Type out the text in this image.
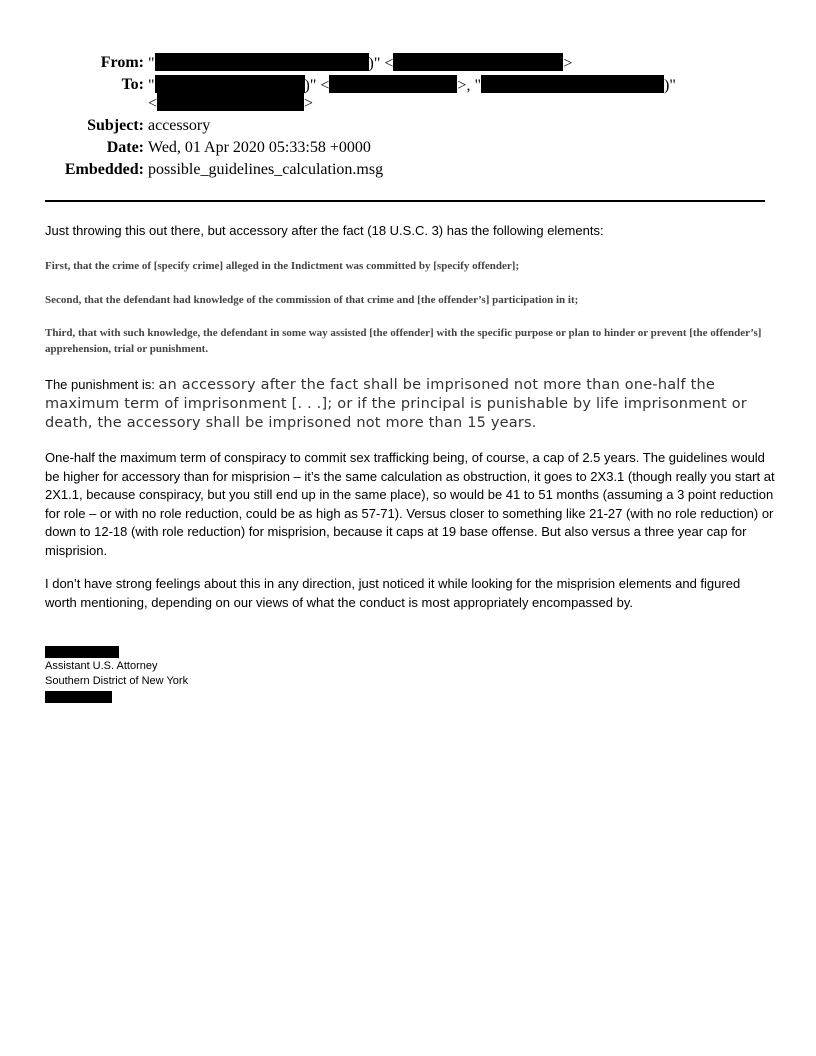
From: "	)" <	>
To: "	)" <	>, "	)"
<	>
Subject: accessory
Date: Wed, 01 Apr 2020 05:33:58 +0000
Embedded: possible_guidelines_calculation.msg
Just throwing this out there, but accessory after the fact (18 U.S.C. 3) has the following elements:
First, that the crime of [specify crime] alleged in the Indictment was committed by [specify offender];
Second, that the defendant had knowledge of the commission of that crime and [the offender’s] participation in it;
Third, that with such knowledge, the defendant in some way assisted [the offender] with the specific purpose or plan to hinder or prevent [the offender’s] apprehension, trial or punishment.
The punishment is: an accessory after the fact shall be imprisoned not more than one-half the maximum term of imprisonment [. . .]; or if the principal is punishable by life imprisonment or death, the accessory shall be imprisoned not more than 15 years.
One-half the maximum term of conspiracy to commit sex trafficking being, of course, a cap of 2.5 years. The guidelines would be higher for accessory than for misprision – it’s the same calculation as obstruction, it goes to 2X3.1 (though really you start at 2X1.1, because conspiracy, but you still end up in the same place), so would be 41 to 51 months (assuming a 3 point reduction for role – or with no role reduction, could be as high as 57-71). Versus closer to something like 21-27 (with no role reduction) or down to 12-18 (with role reduction) for misprision, because it caps at 19 base offense. But also versus a three year cap for misprision.
I don’t have strong feelings about this in any direction, just noticed it while looking for the misprision elements and figured worth mentioning, depending on our views of what the conduct is most appropriately encompassed by.
Assistant U.S. Attorney
Southern District of New York
